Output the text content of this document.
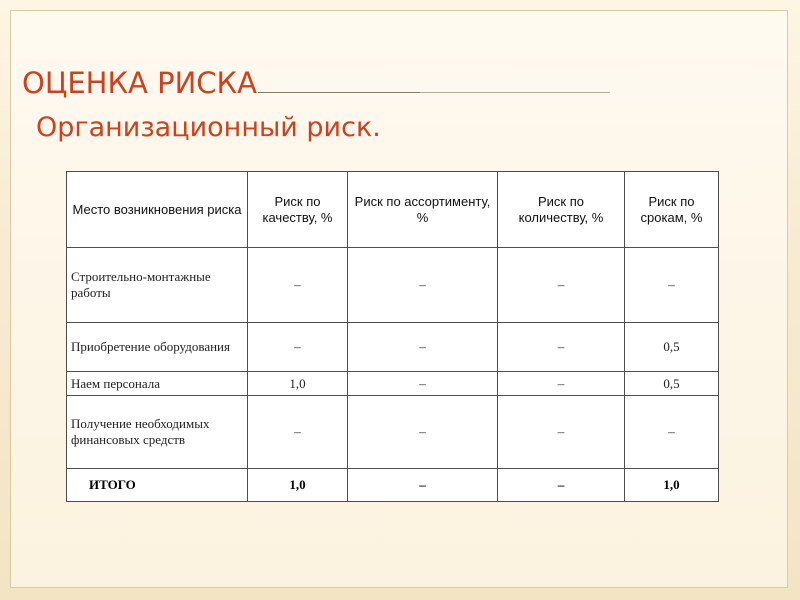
ОЦЕНКА РИСКА
Организационный риск.
Место возникновения риска	Риск по качеству, %	Риск по ассортименту, %	Риск по количеству, %	Риск по срокам, %
Строительно-монтажные работы	–	–	–	–
Приобретение оборудования	–	–	–	0,5
Наем персонала	1,0	–	–	0,5
Получение необходимых финансовых средств	–	–	–	–
ИТОГО	1,0	–	–	1,0
